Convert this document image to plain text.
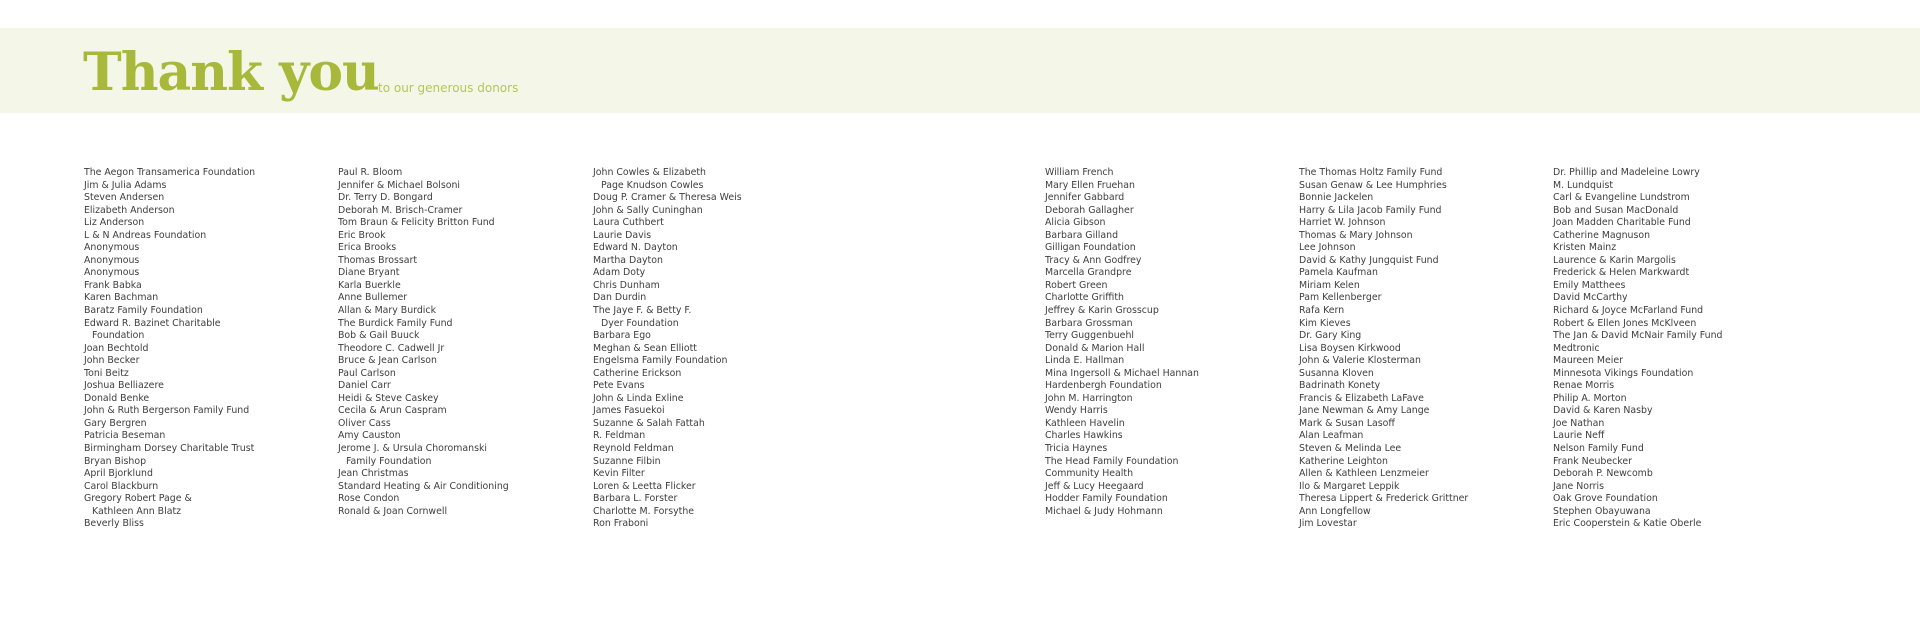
Thank you to our generous donors
The Aegon Transamerica Foundation
Jim & Julia Adams
Steven Andersen
Elizabeth Anderson
Liz Anderson
L & N Andreas Foundation
Anonymous
Anonymous
Anonymous
Frank Babka
Karen Bachman
Baratz Family Foundation
Edward R. Bazinet Charitable
Foundation
Joan Bechtold
John Becker
Toni Beitz
Joshua Belliazere
Donald Benke
John & Ruth Bergerson Family Fund
Gary Bergren
Patricia Beseman
Birmingham Dorsey Charitable Trust
Bryan Bishop
April Bjorklund
Carol Blackburn
Gregory Robert Page &
Kathleen Ann Blatz
Beverly Bliss
Paul R. Bloom
Jennifer & Michael Bolsoni
Dr. Terry D. Bongard
Deborah M. Brisch-Cramer
Tom Braun & Felicity Britton Fund
Eric Brook
Erica Brooks
Thomas Brossart
Diane Bryant
Karla Buerkle
Anne Bullemer
Allan & Mary Burdick
The Burdick Family Fund
Bob & Gail Buuck
Theodore C. Cadwell Jr
Bruce & Jean Carlson
Paul Carlson
Daniel Carr
Heidi & Steve Caskey
Cecila & Arun Caspram
Oliver Cass
Amy Causton
Jerome J. & Ursula Choromanski
Family Foundation
Jean Christmas
Standard Heating & Air Conditioning
Rose Condon
Ronald & Joan Cornwell
John Cowles & Elizabeth
Page Knudson Cowles
Doug P. Cramer & Theresa Weis
John & Sally Cuninghan
Laura Cuthbert
Laurie Davis
Edward N. Dayton
Martha Dayton
Adam Doty
Chris Dunham
Dan Durdin
The Jaye F. & Betty F.
Dyer Foundation
Barbara Ego
Meghan & Sean Elliott
Engelsma Family Foundation
Catherine Erickson
Pete Evans
John & Linda Exline
James Fasuekoi
Suzanne & Salah Fattah
R. Feldman
Reynold Feldman
Suzanne Filbin
Kevin Filter
Loren & Leetta Flicker
Barbara L. Forster
Charlotte M. Forsythe
Ron Fraboni
William French
Mary Ellen Fruehan
Jennifer Gabbard
Deborah Gallagher
Alicia Gibson
Barbara Gilland
Gilligan Foundation
Tracy & Ann Godfrey
Marcella Grandpre
Robert Green
Charlotte Griffith
Jeffrey & Karin Grosscup
Barbara Grossman
Terry Guggenbuehl
Donald & Marion Hall
Linda E. Hallman
Mina Ingersoll & Michael Hannan
Hardenbergh Foundation
John M. Harrington
Wendy Harris
Kathleen Havelin
Charles Hawkins
Tricia Haynes
The Head Family Foundation
Community Health
Jeff & Lucy Heegaard
Hodder Family Foundation
Michael & Judy Hohmann
The Thomas Holtz Family Fund
Susan Genaw & Lee Humphries
Bonnie Jackelen
Harry & Lila Jacob Family Fund
Harriet W. Johnson
Thomas & Mary Johnson
Lee Johnson
David & Kathy Jungquist Fund
Pamela Kaufman
Miriam Kelen
Pam Kellenberger
Rafa Kern
Kim Kieves
Dr. Gary King
Lisa Boysen Kirkwood
John & Valerie Klosterman
Susanna Kloven
Badrinath Konety
Francis & Elizabeth LaFave
Jane Newman & Amy Lange
Mark & Susan Lasoff
Alan Leafman
Steven & Melinda Lee
Katherine Leighton
Allen & Kathleen Lenzmeier
Ilo & Margaret Leppik
Theresa Lippert & Frederick Grittner
Ann Longfellow
Jim Lovestar
Dr. Phillip and Madeleine Lowry
M. Lundquist
Carl & Evangeline Lundstrom
Bob and Susan MacDonald
Joan Madden Charitable Fund
Catherine Magnuson
Kristen Mainz
Laurence & Karin Margolis
Frederick & Helen Markwardt
Emily Matthees
David McCarthy
Richard & Joyce McFarland Fund
Robert & Ellen Jones McKlveen
The Jan & David McNair Family Fund
Medtronic
Maureen Meier
Minnesota Vikings Foundation
Renae Morris
Philip A. Morton
David & Karen Nasby
Joe Nathan
Laurie Neff
Nelson Family Fund
Frank Neubecker
Deborah P. Newcomb
Jane Norris
Oak Grove Foundation
Stephen Obayuwana
Eric Cooperstein & Katie Oberle
